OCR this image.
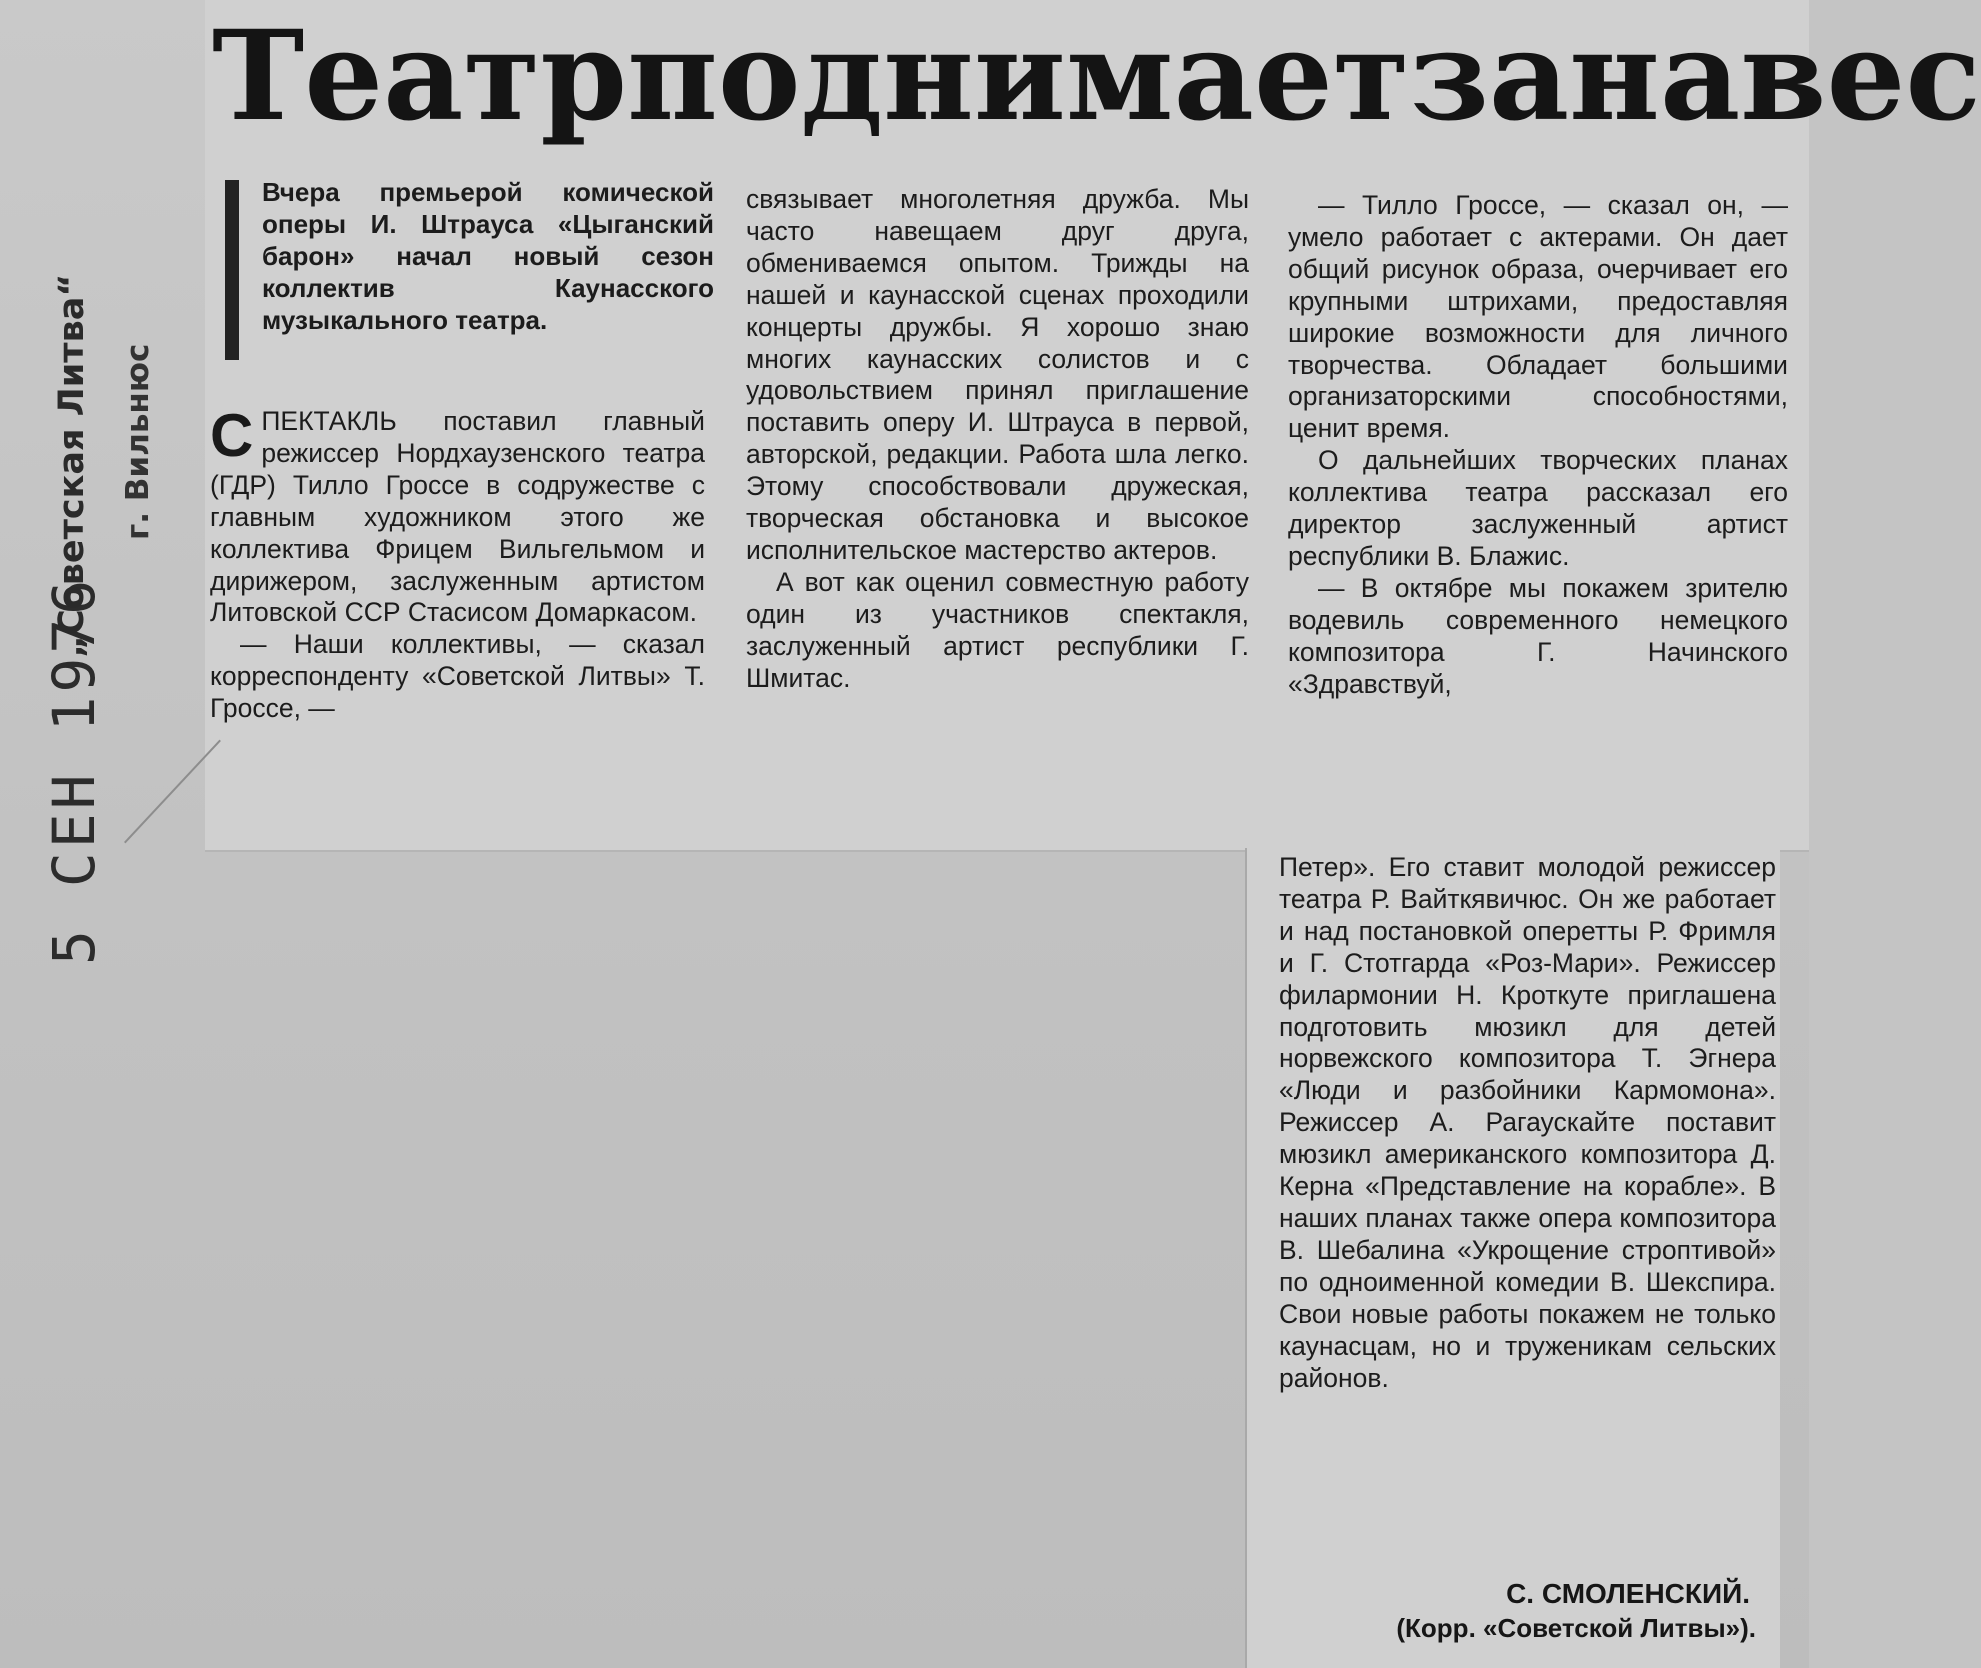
5 СЕН 1976
„Советская Литва“ г. Вильнюс
Театр поднимает занавес

Вчера премьерой комической оперы И. Штрауса «Цыганский барон» начал новый сезон коллектив Каунасского музыкального театра.

СПЕКТАКЛЬ поставил главный режиссер Нордхаузенского театра (ГДР) Тилло Гроссе в содружестве с главным художником этого же коллектива Фрицем Вильгельмом и дирижером, заслуженным артистом Литовской ССР Стасисом Домаркасом.

— Наши коллективы, — сказал корреспонденту «Советской Литвы» Т. Гроссе, —

связывает многолетняя дружба. Мы часто навещаем друг друга, обмениваемся опытом. Трижды на нашей и каунасской сценах проходили концерты дружбы. Я хорошо знаю многих каунасских солистов и с удовольствием принял приглашение поставить оперу И. Штрауса в первой, авторской, редакции. Работа шла легко. Этому способствовали дружеская, творческая обстановка и высокое исполнительское мастерство актеров.

А вот как оценил совместную работу один из участников спектакля, заслуженный артист республики Г. Шмитас.

— Тилло Гроссе, — сказал он, — умело работает с актерами. Он дает общий рисунок образа, очерчивает его крупными штрихами, предоставляя широкие возможности для личного творчества. Обладает большими организаторскими способностями, ценит время.

О дальнейших творческих планах коллектива театра рассказал его директор заслуженный артист республики В. Блажис.

— В октябре мы покажем зрителю водевиль современного немецкого композитора Г. Начинского «Здравствуй,

Петер». Его ставит молодой режиссер театра Р. Вайткявичюс. Он же работает и над постановкой оперетты Р. Фримля и Г. Стотгарда «Роз-Мари». Режиссер филармонии Н. Кроткуте приглашена подготовить мюзикл для детей норвежского композитора Т. Эгнера «Люди и разбойники Кармомона». Режиссер А. Рагаускайте поставит мюзикл американского композитора Д. Керна «Представление на корабле». В наших планах также опера композитора В. Шебалина «Укрощение строптивой» по одноименной комедии В. Шекспира. Свои новые работы покажем не только каунасцам, но и труженикам сельских районов.

С. СМОЛЕНСКИЙ.
(Корр. «Советской Литвы»).
